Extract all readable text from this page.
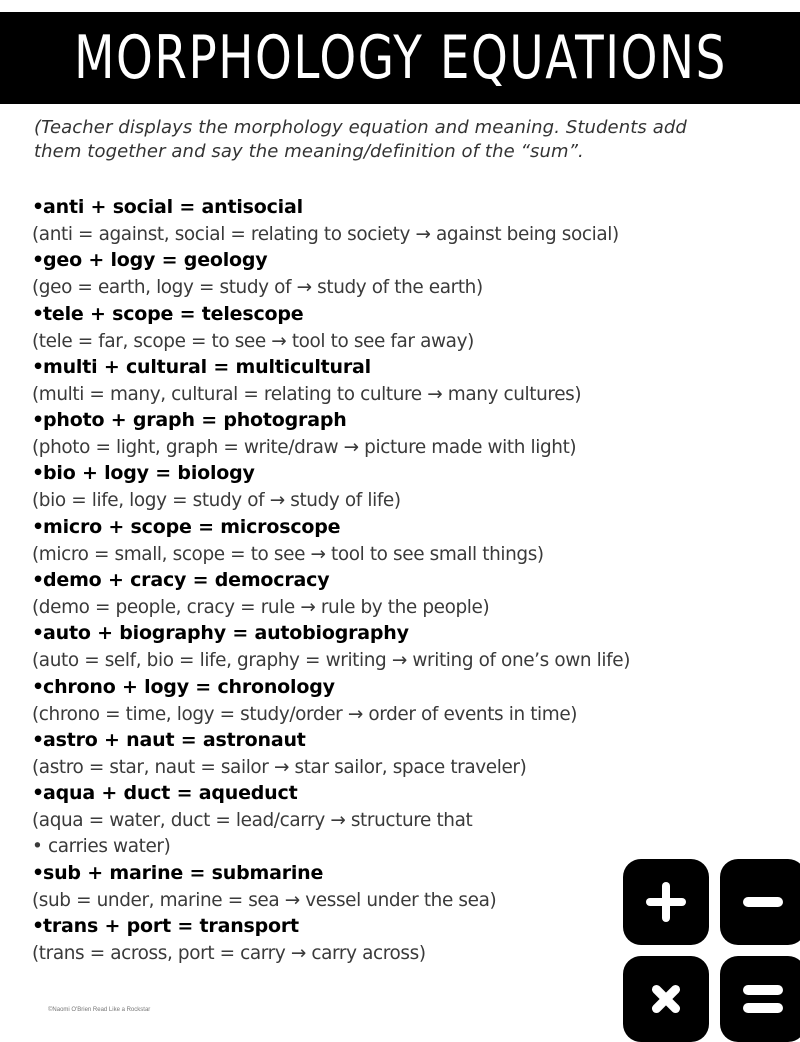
MORPHOLOGY EQUATIONS
(Teacher displays the morphology equation and meaning. Students add
them together and say the meaning/definition of the “sum”.
•anti + social = antisocial
(anti = against, social = relating to society → against being social)
•geo + logy = geology
(geo = earth, logy = study of → study of the earth)
•tele + scope = telescope
(tele = far, scope = to see → tool to see far away)
•multi + cultural = multicultural
(multi = many, cultural = relating to culture → many cultures)
•photo + graph = photograph
(photo = light, graph = write/draw → picture made with light)
•bio + logy = biology
(bio = life, logy = study of → study of life)
•micro + scope = microscope
(micro = small, scope = to see → tool to see small things)
•demo + cracy = democracy
(demo = people, cracy = rule → rule by the people)
•auto + biography = autobiography
(auto = self, bio = life, graphy = writing → writing of one’s own life)
•chrono + logy = chronology
(chrono = time, logy = study/order → order of events in time)
•astro + naut = astronaut
(astro = star, naut = sailor → star sailor, space traveler)
•aqua + duct = aqueduct
(aqua = water, duct = lead/carry → structure that
• carries water)
•sub + marine = submarine
(sub = under, marine = sea → vessel under the sea)
•trans + port = transport
(trans = across, port = carry → carry across)
©Naomi O'Brien Read Like a Rockstar
